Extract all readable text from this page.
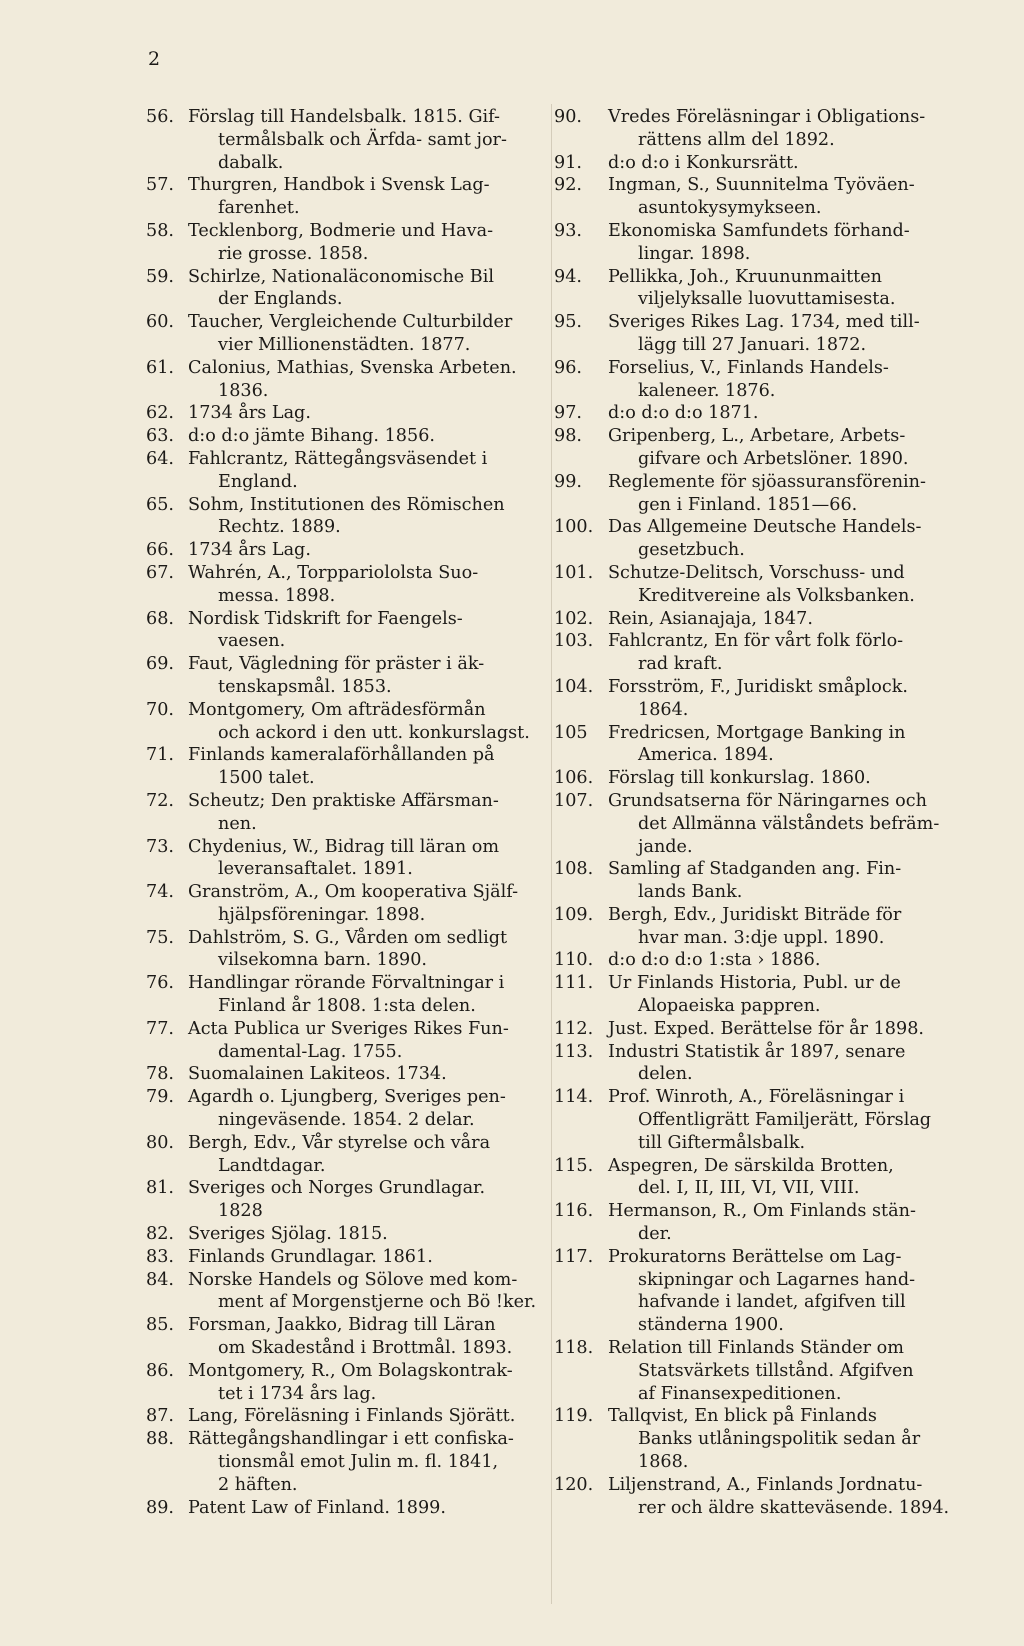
2
56. Förslag till Handelsbalk. 1815. Gif-
termålsbalk och Ärfda- samt jor-
dabalk.
57. Thurgren, Handbok i Svensk Lag-
farenhet.
58. Tecklenborg, Bodmerie und Hava-
rie grosse. 1858.
59. Schirlze, Nationaläconomische Bil
der Englands.
60. Taucher, Vergleichende Culturbilder
vier Millionenstädten. 1877.
61. Calonius, Mathias, Svenska Arbeten.
1836.
62. 1734 års Lag.
63. d:o d:o jämte Bihang. 1856.
64. Fahlcrantz, Rättegångsväsendet i
England.
65. Sohm, Institutionen des Römischen
Rechtz. 1889.
66. 1734 års Lag.
67. Wahrén, A., Torppariololsta Suo-
messa. 1898.
68. Nordisk Tidskrift for Faengels-
vaesen.
69. Faut, Vägledning för präster i äk-
tenskapsmål. 1853.
70. Montgomery, Om afträdesförmån
och ackord i den utt. konkurslagst.
71. Finlands kameralaförhållanden på
1500 talet.
72. Scheutz; Den praktiske Affärsman-
nen.
73. Chydenius, W., Bidrag till läran om
leveransaftalet. 1891.
74. Granström, A., Om kooperativa Själf-
hjälpsföreningar. 1898.
75. Dahlström, S. G., Vården om sedligt
vilsekomna barn. 1890.
76. Handlingar rörande Förvaltningar i
Finland år 1808. 1:sta delen.
77. Acta Publica ur Sveriges Rikes Fun-
damental-Lag. 1755.
78. Suomalainen Lakiteos. 1734.
79. Agardh o. Ljungberg, Sveriges pen-
ningeväsende. 1854. 2 delar.
80. Bergh, Edv., Vår styrelse och våra
Landtdagar.
81. Sveriges och Norges Grundlagar.
1828
82. Sveriges Sjölag. 1815.
83. Finlands Grundlagar. 1861.
84. Norske Handels og Sölove med kom-
ment af Morgenstjerne och Bö !ker.
85. Forsman, Jaakko, Bidrag till Läran
om Skadestånd i Brottmål. 1893.
86. Montgomery, R., Om Bolagskontrak-
tet i 1734 års lag.
87. Lang, Föreläsning i Finlands Sjörätt.
88. Rättegångshandlingar i ett confiska-
tionsmål emot Julin m. fl. 1841,
2 häften.
89. Patent Law of Finland. 1899.
90.	Vredes Föreläsningar i Obligations-
rättens allm del 1892.
91.	d:o d:o i Konkursrätt.
92.	Ingman, S., Suunnitelma Työväen-
asuntokysymykseen.
93.	Ekonomiska Samfundets förhand-
lingar. 1898.
94.	Pellikka, Joh., Kruununmaitten
viljelyksalle luovuttamisesta.
95.	Sveriges Rikes Lag. 1734, med till-
lägg till 27 Januari. 1872.
96.	Forselius, V., Finlands Handels-
kaleneer. 1876.
97.	d:o d:o d:o 1871.
98.	Gripenberg, L., Arbetare, Arbets-
gifvare och Arbetslöner. 1890.
99.	Reglemente för sjöassuransförenin-
gen i Finland. 1851—66.
100. Das Allgemeine Deutsche Handels-
gesetzbuch.
101. Schutze-Delitsch, Vorschuss- und
Kreditvereine als Volksbanken.
102. Rein, Asianajaja, 1847.
103. Fahlcrantz, En för vårt folk förlo-
rad kraft.
104. Forsström, F., Juridiskt småplock.
1864.
105	Fredricsen, Mortgage Banking in
America. 1894.
106. Förslag till konkurslag. 1860.
107. Grundsatserna för Näringarnes och
det Allmänna välståndets befräm-
jande.
108. Samling af Stadganden ang. Fin-
lands Bank.
109. Bergh, Edv., Juridiskt Biträde för
hvar man. 3:dje uppl. 1890.
110. d:o d:o d:o 1:sta › 1886.
111. Ur Finlands Historia, Publ. ur de
Alopaeiska pappren.
112. Just. Exped. Berättelse för år 1898.
113. Industri Statistik år 1897, senare
delen.
114. Prof. Winroth, A., Föreläsningar i
Offentligrätt Familjerätt, Förslag
till Giftermålsbalk.
115. Aspegren, De särskilda Brotten,
del. I, II, III, VI, VII, VIII.
116. Hermanson, R., Om Finlands stän-
der.
117. Prokuratorns Berättelse om Lag-
skipningar och Lagarnes hand-
hafvande i landet, afgifven till
ständerna 1900.
118. Relation till Finlands Ständer om
Statsvärkets tillstånd. Afgifven
af Finansexpeditionen.
119. Tallqvist, En blick på Finlands
Banks utlåningspolitik sedan år
1868.
120. Liljenstrand, A., Finlands Jordnatu-
rer och äldre skatteväsende. 1894.
